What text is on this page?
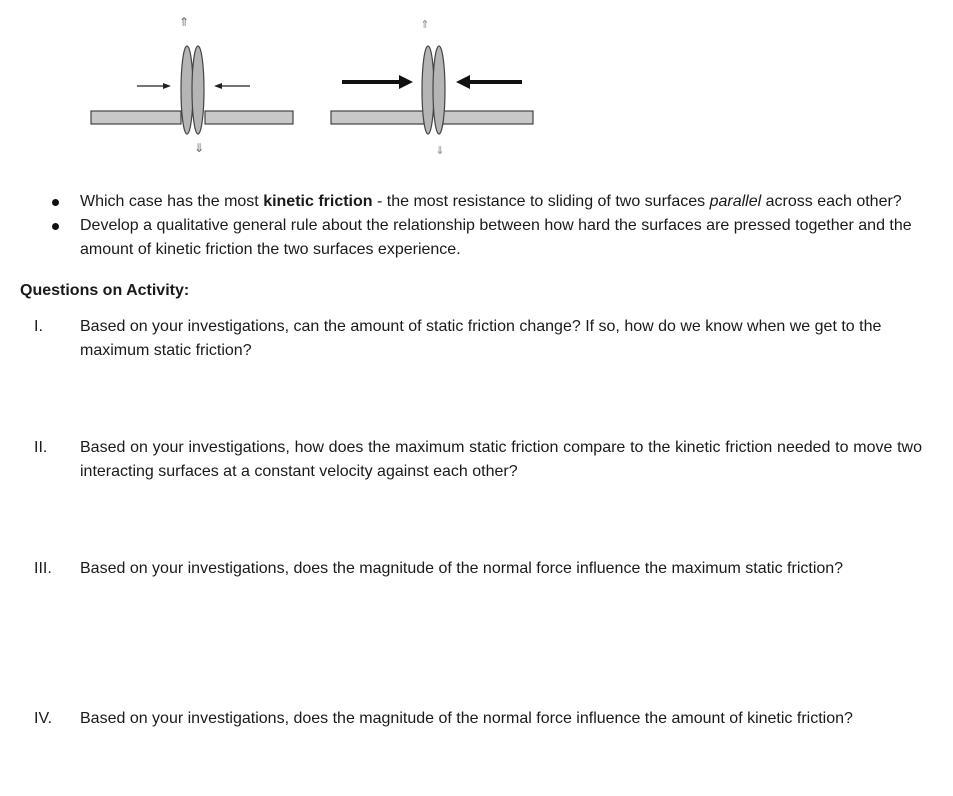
⇑
⇓
⇑
⇓
Which case has the most kinetic friction - the most resistance to sliding of two surfaces parallel across each other?
Develop a qualitative general rule about the relationship between how hard the surfaces are pressed together and the amount of kinetic friction the two surfaces experience.
Questions on Activity:
I. Based on your investigations, can the amount of static friction change? If so, how do we know when we get to the maximum static friction?
II. Based on your investigations, how does the maximum static friction compare to the kinetic friction needed to move two interacting surfaces at a constant velocity against each other?
III. Based on your investigations, does the magnitude of the normal force influence the maximum static friction?
IV. Based on your investigations, does the magnitude of the normal force influence the amount of kinetic friction?
